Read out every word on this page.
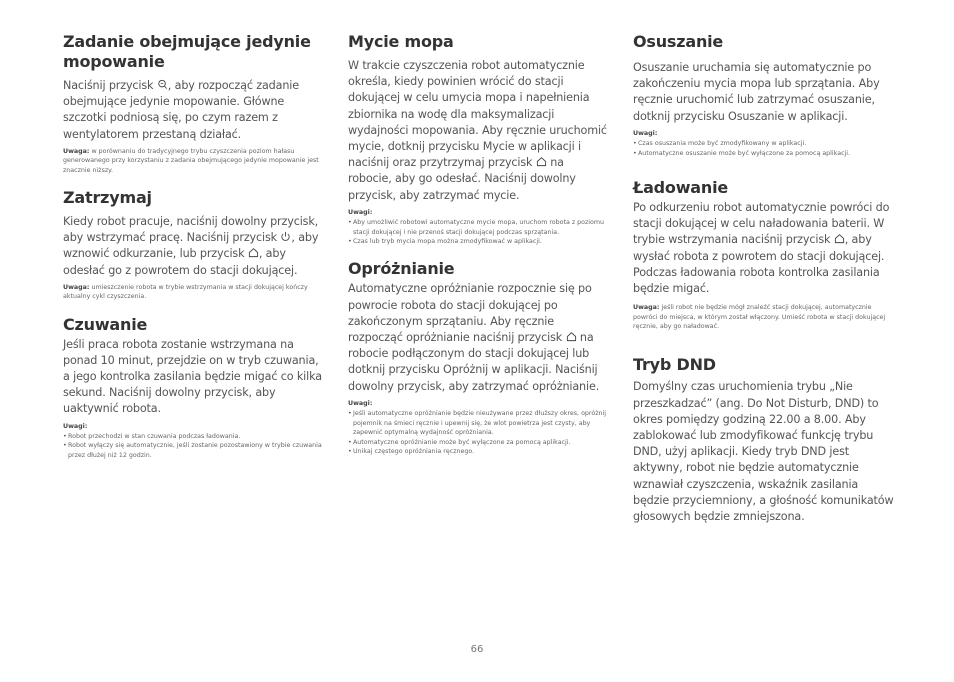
Zadanie obejmujące jedynie mopowanie

Naciśnij przycisk
, aby rozpocząć zadanie obejmujące jedynie mopowanie. Główne szczotki podniosą się, po czym razem z wentylatorem przestaną działać.

Uwaga: w porównaniu do tradycyjnego trybu czyszczenia poziom hałasu generowanego przy korzystaniu z zadania obejmującego jedynie mopowanie jest znacznie niższy.

Zatrzymaj

Kiedy robot pracuje, naciśnij dowolny przycisk, aby wstrzymać pracę. Naciśnij przycisk
, aby wznowić odkurzanie, lub przycisk
, aby odesłać go z powrotem do stacji dokującej.

Uwaga: umieszczenie robota w trybie wstrzymania w stacji dokującej kończy aktualny cykl czyszczenia.

Czuwanie

Jeśli praca robota zostanie wstrzymana na ponad 10 minut, przejdzie on w tryb czuwania, a jego kontrolka zasilania będzie migać co kilka sekund. Naciśnij dowolny przycisk, aby uaktywnić robota.

Uwagi:

• Robot przechodzi w stan czuwania podczas ładowania.
• Robot wyłączy się automatycznie, jeśli zostanie pozostawiony w trybie czuwania przez dłużej niż 12 godzin.
Mycie mopa

W trakcie czyszczenia robot automatycznie określa, kiedy powinien wrócić do stacji dokującej w celu umycia mopa i napełnienia zbiornika na wodę dla maksymalizacji wydajności mopowania. Aby ręcznie uruchomić mycie, dotknij przycisku Mycie w aplikacji i naciśnij oraz przytrzymaj przycisk
na robocie, aby go odesłać. Naciśnij dowolny przycisk, aby zatrzymać mycie.

Uwagi:

• Aby umożliwić robotowi automatyczne mycie mopa, uruchom robota z poziomu stacji dokującej i nie przenoś stacji dokującej podczas sprzątania.
• Czas lub tryb mycia mopa można zmodyfikować w aplikacji.
Opróżnianie

Automatyczne opróżnianie rozpocznie się po powrocie robota do stacji dokującej po zakończonym sprzątaniu. Aby ręcznie rozpocząć opróżnianie naciśnij przycisk
na robocie podłączonym do stacji dokującej lub dotknij przycisku Opróżnij w aplikacji. Naciśnij dowolny przycisk, aby zatrzymać opróżnianie.

Uwagi:

• Jeśli automatyczne opróżnianie będzie nieużywane przez dłuższy okres, opróżnij pojemnik na śmieci ręcznie i upewnij się, że wlot powietrza jest czysty, aby zapewnić optymalną wydajność opróżniania.
• Automatyczne opróżnianie może być wyłączone za pomocą aplikacji.
• Unikaj częstego opróżniania ręcznego.
Osuszanie

Osuszanie uruchamia się automatycznie po zakończeniu mycia mopa lub sprzątania. Aby ręcznie uruchomić lub zatrzymać osuszanie, dotknij przycisku Osuszanie w aplikacji.

Uwagi:

• Czas osuszania może być zmodyfikowany w aplikacji.
• Automatyczne osuszanie może być wyłączone za pomocą aplikacji.
Ładowanie

Po odkurzeniu robot automatycznie powróci do stacji dokującej w celu naładowania baterii. W trybie wstrzymania naciśnij przycisk
, aby wysłać robota z powrotem do stacji dokującej. Podczas ładowania robota kontrolka zasilania będzie migać.

Uwaga: jeśli robot nie będzie mógł znaleźć stacji dokującej, automatycznie powróci do miejsca, w którym został włączony. Umieść robota w stacji dokującej ręcznie, aby go naładować.

Tryb DND

Domyślny czas uruchomienia trybu „Nie przeszkadzać” (ang. Do Not Disturb, DND) to okres pomiędzy godziną 22.00 a 8.00. Aby zablokować lub zmodyfikować funkcję trybu DND, użyj aplikacji. Kiedy tryb DND jest aktywny, robot nie będzie automatycznie wznawiał czyszczenia, wskaźnik zasilania będzie przyciemniony, a głośność komunikatów głosowych będzie zmniejszona.

66
